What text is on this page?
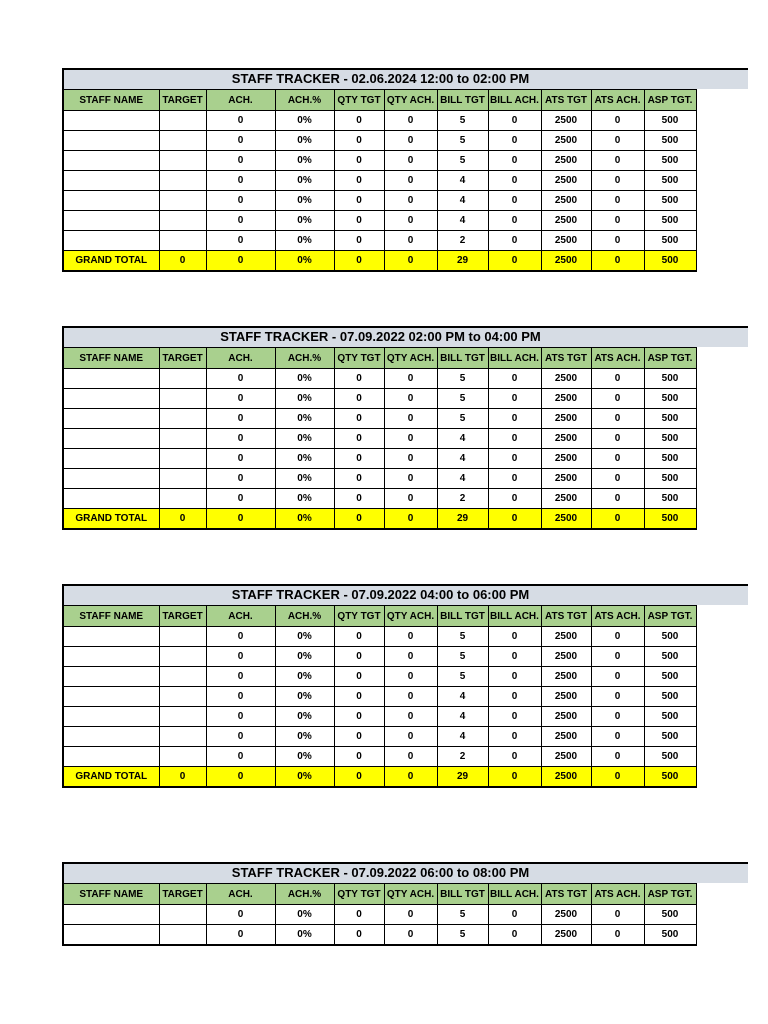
STAFF TRACKER - 02.06.2024 12:00 to 02:00 PM
STAFF NAME	TARGET	ACH.	ACH.%	QTY TGT	QTY ACH.	BILL TGT	BILL ACH.	ATS TGT	ATS ACH.	ASP TGT.
		0	0%	0	0	5	0	2500	0	500
		0	0%	0	0	5	0	2500	0	500
		0	0%	0	0	5	0	2500	0	500
		0	0%	0	0	4	0	2500	0	500
		0	0%	0	0	4	0	2500	0	500
		0	0%	0	0	4	0	2500	0	500
		0	0%	0	0	2	0	2500	0	500
GRAND TOTAL	0	0	0%	0	0	29	0	2500	0	500
STAFF TRACKER - 07.09.2022 02:00 PM to 04:00 PM
STAFF NAME	TARGET	ACH.	ACH.%	QTY TGT	QTY ACH.	BILL TGT	BILL ACH.	ATS TGT	ATS ACH.	ASP TGT.
		0	0%	0	0	5	0	2500	0	500
		0	0%	0	0	5	0	2500	0	500
		0	0%	0	0	5	0	2500	0	500
		0	0%	0	0	4	0	2500	0	500
		0	0%	0	0	4	0	2500	0	500
		0	0%	0	0	4	0	2500	0	500
		0	0%	0	0	2	0	2500	0	500
GRAND TOTAL	0	0	0%	0	0	29	0	2500	0	500
STAFF TRACKER - 07.09.2022 04:00 to 06:00 PM
STAFF NAME	TARGET	ACH.	ACH.%	QTY TGT	QTY ACH.	BILL TGT	BILL ACH.	ATS TGT	ATS ACH.	ASP TGT.
		0	0%	0	0	5	0	2500	0	500
		0	0%	0	0	5	0	2500	0	500
		0	0%	0	0	5	0	2500	0	500
		0	0%	0	0	4	0	2500	0	500
		0	0%	0	0	4	0	2500	0	500
		0	0%	0	0	4	0	2500	0	500
		0	0%	0	0	2	0	2500	0	500
GRAND TOTAL	0	0	0%	0	0	29	0	2500	0	500
STAFF TRACKER - 07.09.2022 06:00 to 08:00 PM
STAFF NAME	TARGET	ACH.	ACH.%	QTY TGT	QTY ACH.	BILL TGT	BILL ACH.	ATS TGT	ATS ACH.	ASP TGT.
		0	0%	0	0	5	0	2500	0	500
		0	0%	0	0	5	0	2500	0	500
